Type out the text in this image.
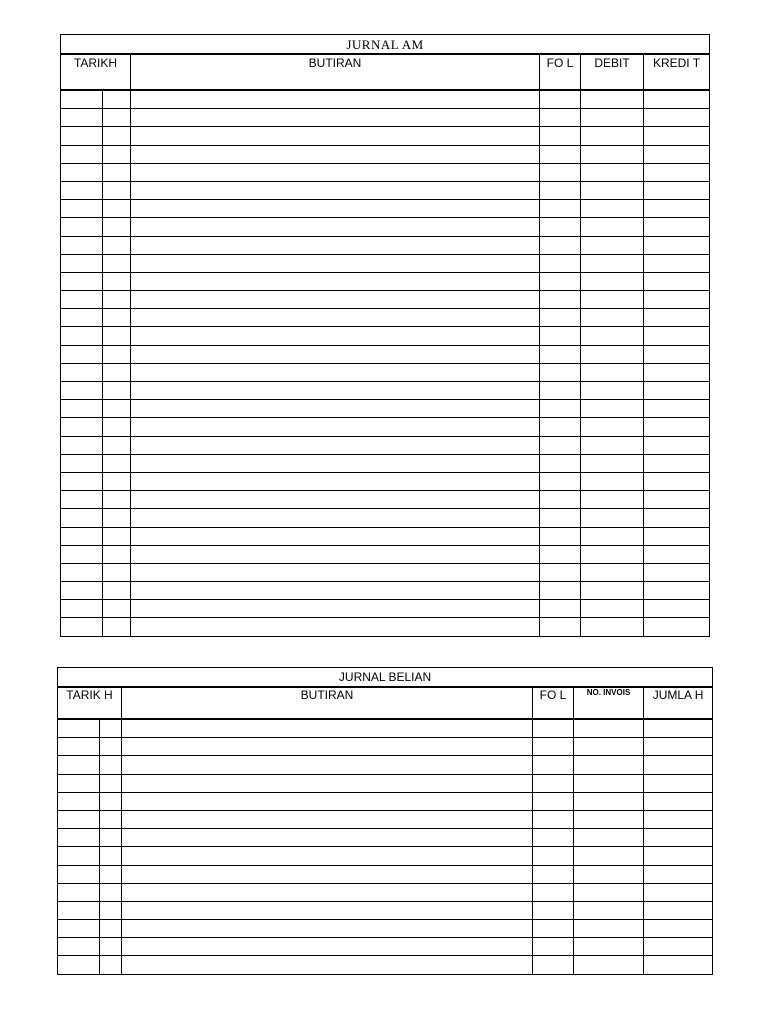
JURNAL AM					
TARIKH		BUTIRAN	FO L	DEBIT	KREDI T

JURNAL BELIAN					
TARIK H		BUTIRAN	FO L	NO. INVOIS	JUMLA H
